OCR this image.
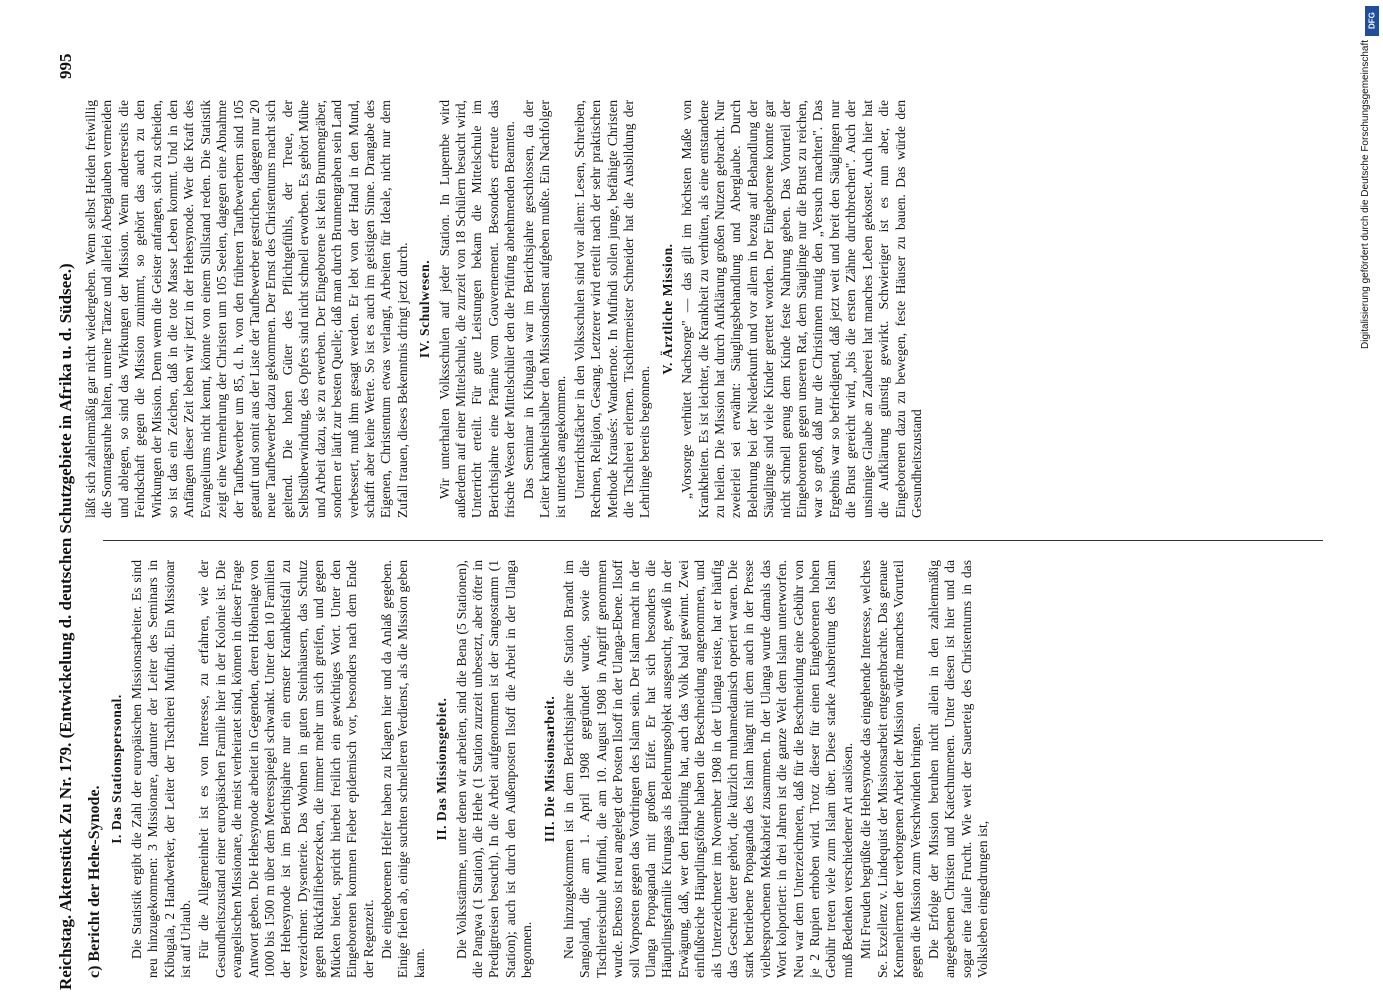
c) Bericht der Hehe-Synode.
I. Das Stationspersonal. Die Statistik ergibt die Zahl der europäischen Missionsarbeiter. Es sind neu hinzugekommen: 3 Missionare, darunter der Leiter des Seminars in Kibugala, 2 Handwerker, der Leiter der Tischlerei Mufindi. Ein Missionar ist auf Urlaub. Für die Allgemeinheit ist es von Interesse, zu erfahren, wie der Gesundheitszustand einer europäischen Familie hier in der Kolonie ist. Die evangelischen Missionare, die meist verheiratet sind, können in dieser Frage Antwort geben. Die Hehesynode arbeitet in Gegenden, deren Höhenlage von 1000 bis 1500 m über dem Meeresspiegel schwankt. Unter den 10 Familien der Hehesynode ist im Berichtsjahre nur ein ernster Krankheitsfall zu verzeichnen: Dysenterie. Das Wohnen in guten Steinhäusern, das Schutz gegen Rückfallfieberzecken, die immer mehr um sich greifen, und gegen Mücken bietet, spricht hierbei freilich ein gewichtiges Wort. Unter den Eingeborenen kommen Fieber epidemisch vor, besonders nach dem Ende der Regenzeit. Die eingeborenen Helfer haben zu Klagen hier und da Anlaß gegeben. Einige fielen ab, einige suchten schnelleren Verdienst, als die Mission geben kann.

II. Das Missionsgebiet. Die Volksstämme, unter denen wir arbeiten, sind die Bena (5 Stationen), die Pangwa (1 Station), die Hehe (1 Station zurzeit unbesetzt, aber öfter in Predigtreisen besucht). In die Arbeit aufgenommen ist der Sangostamm (1 Station); auch ist durch den Außenposten Ilsoff die Arbeit in der Ulanga begonnen.

III. Die Missionsarbeit. Neu hinzugekommen ist in dem Berichtsjahre die Station Brandt im Sangoland, die am 1. April 1908 gegründet wurde, sowie die Tischlereischule Mufindi, die am 10. August 1908 in Angriff genommen wurde. Ebenso ist neu angelegt der Posten Ilsoff in der Ulanga-Ebene. Ilsoff soll Vorposten gegen das Vordringen des Islam sein. Der Islam macht in der Ulanga Propaganda mit großem Eifer. Er hat sich besonders die Häuptlingsfamilie Kirungas als Belehrungsobjekt ausgesucht, gewiß in der Erwägung, daß, wer den Häuptling hat, auch das Volk bald gewinnt. Zwei einflußreiche Häuptlingsföhne haben die Beschneidung angenommen, und als Unterzeichneter im November 1908 in der Ulanga reiste, hat er häufig das Geschrei derer gehört, die kürzlich muhamedanisch operiert waren. Die stark betriebene Propaganda des Islam hängt mit dem auch in der Presse vielbesprochenen Mekkabrief zusammen. In der Ulanga wurde damals das Wort kolportiert: in drei Jahren ist die ganze Welt dem Islam unterworfen. Neu war dem Unterzeichneten, daß für die Beschneidung eine Gebühr von je 2 Rupien erhoben wird. Trotz dieser für einen Eingeborenen hohen Gebühr treten viele zum Islam über. Diese starke Ausbreitung des Islam muß Bedenken verschiedener Art auslösen. Mit Freuden begrüßte die Hehesynode das eingehende Interesse, welches Se. Exzellenz v. Lindequist der Missionsarbeit entgegenbrachte. Das genaue Kennenlernen der verborgenen Arbeit der Mission würde manches Vorurteil gegen die Mission zum Verschwinden bringen. Die Erfolge der Mission beruhen nicht allein in den zahlenmäßig angegebenen Christen und Katechumenen. Unter diesen ist hier und da sogar eine faule Frucht. Wie weit der Sauerteig des Christentums in das Volksleben eingedrungen ist,

läßt sich zahlenmäßig gar nicht wiedergeben. Wenn selbst Heiden freiwillig die Sonntagsruhe halten, unreine Tänze und allerlei Aberglauben vermeiden und ablegen, so sind das Wirkungen der Mission. Wenn andererseits die Feindschaft gegen die Mission zunimmt, so gehört das auch zu den Wirkungen der Mission. Denn wenn die Geister anfangen, sich zu scheiden, so ist das ein Zeichen, daß in die tote Masse Leben kommt. Und in den Anfängen dieser Zeit leben wir jetzt in der Hehesynode. Wer die Kraft des Evangeliums nicht kennt, könnte von einem Stillstand reden. Die Statistik zeigt eine Vermehrung der Christen um 105 Seelen, dagegen eine Abnahme der Taufbewerber um 85, d. h. von den früheren Taufbewerbern sind 105 getauft und somit aus der Liste der Taufbewerber gestrichen, dagegen nur 20 neue Taufbewerber dazu gekommen. Der Ernst des Christentums macht sich geltend. Die hohen Güter des Pflichtgefühls, der Treue, der Selbstüberwindung, des Opfers sind nicht schnell erworben. Es gehört Mühe und Arbeit dazu, sie zu erwerben. Der Eingeborene ist kein Brunnengräber, sondern er läuft zur besten Quelle; daß man durch Brunnengraben sein Land verbessert, muß ihm gesagt werden. Er lebt von der Hand in den Mund, schafft aber keine Werte. So ist es auch im geistigen Sinne. Drangabe des Eigenen, Christentum etwas verlangt, Arbeiten für Ideale, nicht nur dem Zufall trauen, dieses Bekenntnis dringt jetzt durch. IV. Schulwesen. Wir unterhalten Volksschulen auf jeder Station. In Lupembe wird außerdem auf einer Mittelschule, die zurzeit von 18 Schülern besucht wird, Unterricht erteilt. Für gute Leistungen bekam die Mittelschule im Berichtsjahre eine Prämie vom Gouvernement. Besonders erfreute das frische Wesen der Mittelschüler den die Prüfung abnehmenden Beamten. Das Seminar in Kibugala war im Berichtsjahre geschlossen, da der Leiter krankheitshalber den Missionsdienst aufgeben mußte. Ein Nachfolger ist unterdes angekommen. Unterrichtsfächer in den Volksschulen sind vor allem: Lesen, Schreiben, Rechnen, Religion, Gesang. Letzterer wird erteilt nach der sehr praktischen Methode Krausés: Wandernote. In Mufindi sollen junge, befähigte Christen die Tischlerei erlernen. Tischlermeister Schneider hat die Ausbildung der Lehrlinge bereits begonnen.

V. Ärztliche Mission. „Vorsorge verhütet Nachsorge" — das gilt im höchsten Maße von Krankheiten. Es ist leichter, die Krankheit zu verhüten, als eine entstandene zu heilen. Die Mission hat durch Aufklärung großen Nutzen gebracht. Nur zweierlei sei erwähnt: Säuglingsbehandlung und Aberglaube. Durch Belehrung bei der Niederkunft und vor allem in bezug auf Behandlung der Säuglinge sind viele Kinder gerettet worden. Der Eingeborene konnte gar nicht schnell genug dem Kinde feste Nahrung geben. Das Vorurteil der Eingeborenen gegen unseren Rat, dem Säuglinge nur die Brust zu reichen, war so groß, daß nur die Christinnen mutig den „Versuch machten". Das Ergebnis war so befriedigend, daß jetzt weit und breit den Säuglingen nur die Brust gereicht wird, „bis die ersten Zähne durchbrechen". Auch der unsinnige Glaube an Zauberei hat manches Leben gekostet. Auch hier hat die Aufklärung günstig gewirkt. Schwieriger ist es nun aber, die Eingeborenen dazu zu bewegen, feste Häuser zu bauen. Das würde den Gesundheitszustand

Reichstag. Aktenstück Zu Nr. 179. (Entwickelung d. deutschen Schutzgebiete in Afrika u. d. Südsee.)
995
DFG
Digitalisierung gefördert durch die Deutsche Forschungsgemeinschaft
